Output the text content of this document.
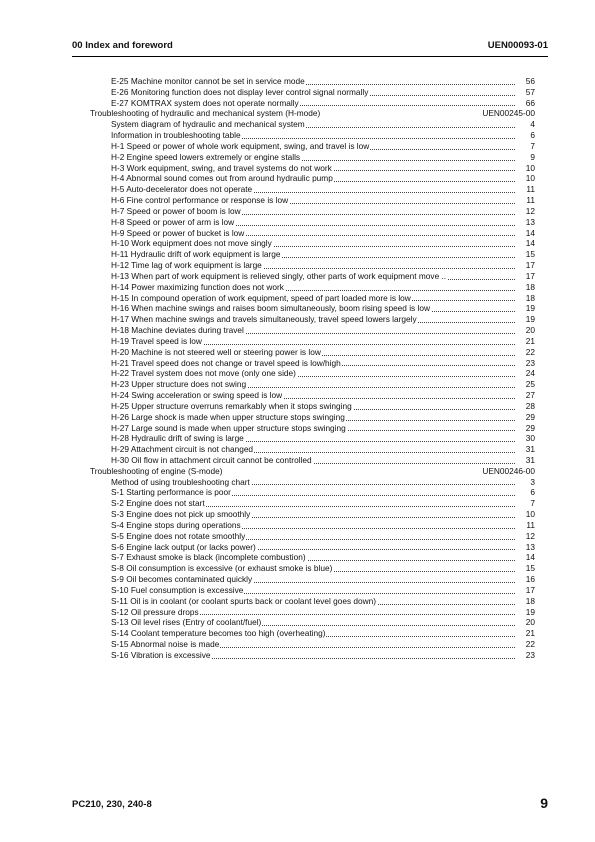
00 Index and foreword	UEN00093-01
E-25 Machine monitor cannot be set in service mode	56
E-26 Monitoring function does not display lever control signal normally	57
E-27 KOMTRAX system does not operate normally	66
Troubleshooting of hydraulic and mechanical system (H-mode)	UEN00245-00
System diagram of hydraulic and mechanical system	4
Information in troubleshooting table	6
H-1 Speed or power of whole work equipment, swing, and travel is low	7
H-2 Engine speed lowers extremely or engine stalls	9
H-3 Work equipment, swing, and travel systems do not work	10
H-4 Abnormal sound comes out from around hydraulic pump	10
H-5 Auto-decelerator does not operate	11
H-6 Fine control performance or response is low	11
H-7 Speed or power of boom is low	12
H-8 Speed or power of arm is low	13
H-9 Speed or power of bucket is low	14
H-10 Work equipment does not move singly	14
H-11 Hydraulic drift of work equipment is large	15
H-12 Time lag of work equipment is large	17
H-13 When part of work equipment is relieved singly, other parts of work equipment move ..	17
H-14 Power maximizing function does not work	18
H-15 In compound operation of work equipment, speed of part loaded more is low	18
H-16 When machine swings and raises boom simultaneously, boom rising speed is low	19
H-17 When machine swings and travels simultaneously, travel speed lowers largely	19
H-18 Machine deviates during travel	20
H-19 Travel speed is low	21
H-20 Machine is not steered well or steering power is low	22
H-21 Travel speed does not change or travel speed is low/high	23
H-22 Travel system does not move (only one side)	24
H-23 Upper structure does not swing	25
H-24 Swing acceleration or swing speed is low	27
H-25 Upper structure overruns remarkably when it stops swinging	28
H-26 Large shock is made when upper structure stops swinging	29
H-27 Large sound is made when upper structure stops swinging	29
H-28 Hydraulic drift of swing is large	30
H-29 Attachment circuit is not changed	31
H-30 Oil flow in attachment circuit cannot be controlled	31
Troubleshooting of engine (S-mode)	UEN00246-00
Method of using troubleshooting chart	3
S-1 Starting performance is poor	6
S-2 Engine does not start	7
S-3 Engine does not pick up smoothly	10
S-4 Engine stops during operations	11
S-5 Engine does not rotate smoothly	12
S-6 Engine lack output (or lacks power)	13
S-7 Exhaust smoke is black (incomplete combustion)	14
S-8 Oil consumption is excessive (or exhaust smoke is blue)	15
S-9 Oil becomes contaminated quickly	16
S-10 Fuel consumption is excessive	17
S-11 Oil is in coolant (or coolant spurts back or coolant level goes down)	18
S-12 Oil pressure drops	19
S-13 Oil level rises (Entry of coolant/fuel)	20
S-14 Coolant temperature becomes too high (overheating)	21
S-15 Abnormal noise is made	22
S-16 Vibration is excessive	23
PC210, 230, 240-8	9
